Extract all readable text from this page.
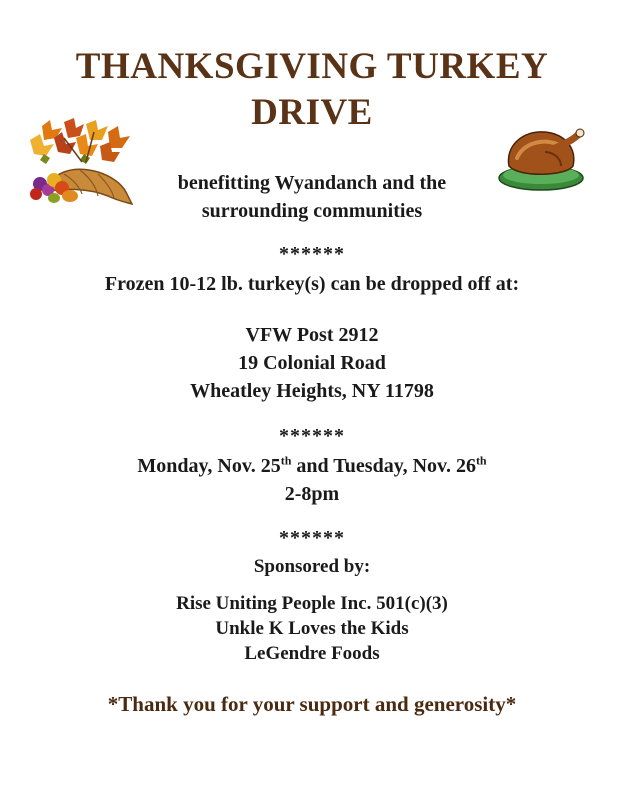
THANKSGIVING TURKEY
DRIVE
benefitting Wyandanch and the
surrounding communities
******
Frozen 10-12 lb. turkey(s) can be dropped off at:
VFW Post 2912
19 Colonial Road
Wheatley Heights, NY 11798
******
Monday, Nov. 25th and Tuesday, Nov. 26th
2-8pm
******
Sponsored by:
Rise Uniting People Inc. 501(c)(3)
Unkle K Loves the Kids
LeGendre Foods
*Thank you for your support and generosity*
